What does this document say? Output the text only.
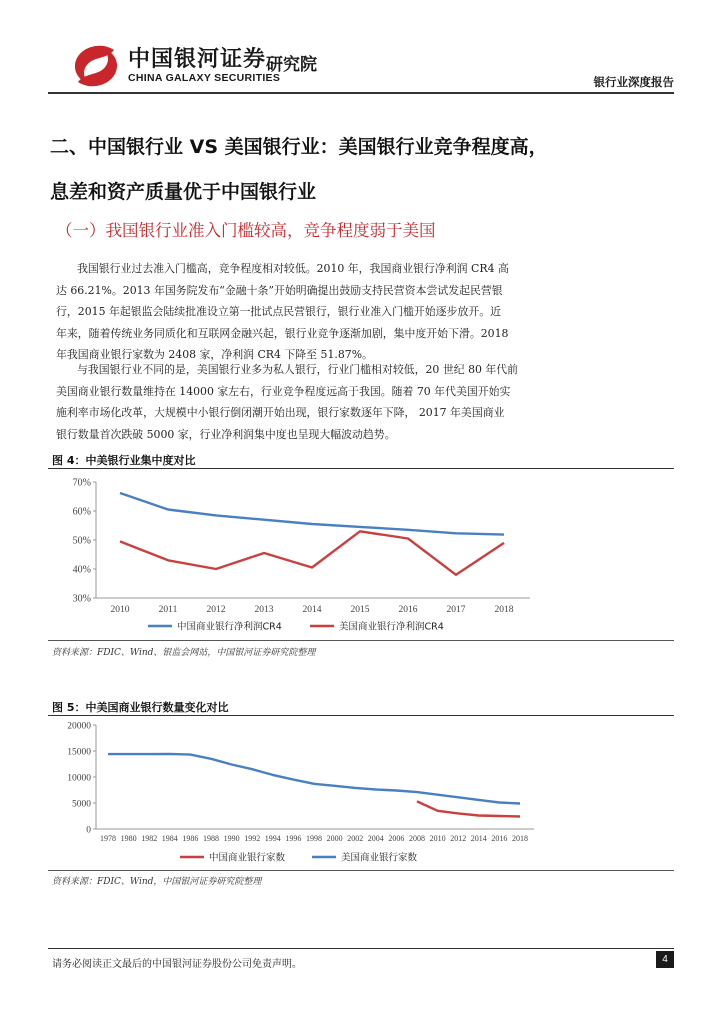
中国银河证券
CHINA GALAXY SECURITIES
研究院
银行业深度报告
二、中国银行业 VS 美国银行业：美国银行业竞争程度高，
息差和资产质量优于中国银行业
（一）我国银行业准入门槛较高，竞争程度弱于美国
我国银行业过去准入门槛高，竞争程度相对较低。2010 年，我国商业银行净利润 CR4 高
达 66.21%。2013 年国务院发布“金融十条”开始明确提出鼓励支持民营资本尝试发起民营银
行，2015 年起银监会陆续批准设立第一批试点民营银行，银行业准入门槛开始逐步放开。近
年来，随着传统业务同质化和互联网金融兴起，银行业竞争逐渐加剧，集中度开始下滑。2018
年我国商业银行家数为 2408 家，净利润 CR4 下降至 51.87%。
与我国银行业不同的是，美国银行业多为私人银行，行业门槛相对较低，20 世纪 80 年代前
美国商业银行数量维持在 14000 家左右，行业竞争程度远高于我国。随着 70 年代美国开始实
施利率市场化改革，大规模中小银行倒闭潮开始出现，银行家数逐年下降， 2017 年美国商业
银行数量首次跌破 5000 家，行业净利润集中度也呈现大幅波动趋势。
图 4：中美银行业集中度对比
30%
40%
50%
60%
70%
2010	2011	2012	2013	2014	2015	2016	2017	2018
中国商业银行净利润CR4	美国商业银行净利润CR4
资料来源：FDIC、Wind、银监会网站，中国银河证券研究院整理
图 5：中美国商业银行数量变化对比
0
5000
10000
15000
20000
1978 1980 1982 1984 1986 1988 1990 1992 1994 1996 1998 2000 2002 2004 2006 2008 2010 2012 2014 2016 2018
中国商业银行家数	美国商业银行家数
资料来源：FDIC、Wind，中国银河证券研究院整理
请务必阅读正文最后的中国银河证券股份公司免责声明。	4
